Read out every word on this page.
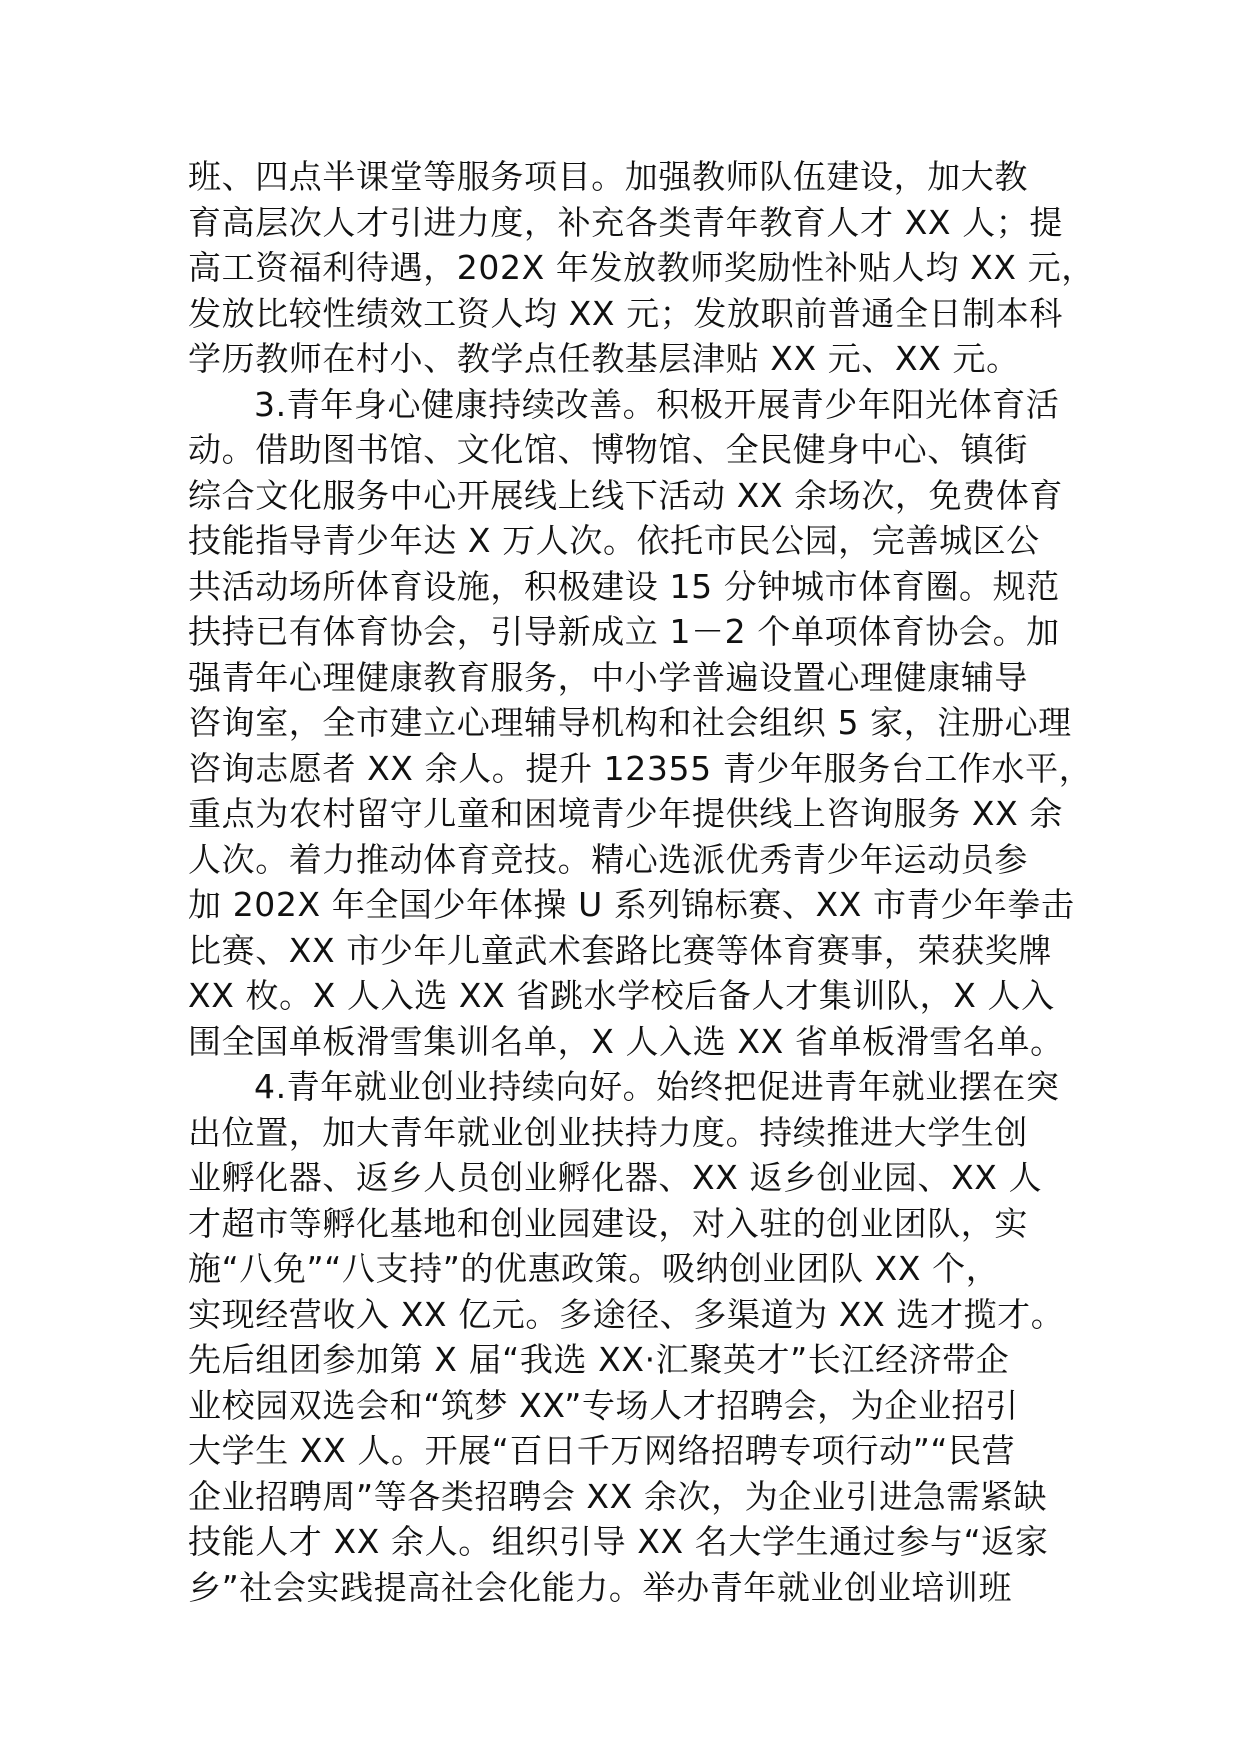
班、四点半课堂等服务项目。加强教师队伍建设，加大教
育高层次人才引进力度，补充各类青年教育人才 XX 人；提
高工资福利待遇，202X 年发放教师奖励性补贴人均 XX 元，
发放比较性绩效工资人均 XX 元；发放职前普通全日制本科
学历教师在村小、教学点任教基层津贴 XX 元、XX 元。
3.青年身心健康持续改善。积极开展青少年阳光体育活
动。借助图书馆、文化馆、博物馆、全民健身中心、镇街
综合文化服务中心开展线上线下活动 XX 余场次，免费体育
技能指导青少年达 X 万人次。依托市民公园，完善城区公
共活动场所体育设施，积极建设 15 分钟城市体育圈。规范
扶持已有体育协会，引导新成立 1－2 个单项体育协会。加
强青年心理健康教育服务，中小学普遍设置心理健康辅导
咨询室，全市建立心理辅导机构和社会组织 5 家，注册心理
咨询志愿者 XX 余人。提升 12355 青少年服务台工作水平，
重点为农村留守儿童和困境青少年提供线上咨询服务 XX 余
人次。着力推动体育竞技。精心选派优秀青少年运动员参
加 202X 年全国少年体操 U 系列锦标赛、XX 市青少年拳击
比赛、XX 市少年儿童武术套路比赛等体育赛事，荣获奖牌
XX 枚。X 人入选 XX 省跳水学校后备人才集训队，X 人入
围全国单板滑雪集训名单，X 人入选 XX 省单板滑雪名单。
4.青年就业创业持续向好。始终把促进青年就业摆在突
出位置，加大青年就业创业扶持力度。持续推进大学生创
业孵化器、返乡人员创业孵化器、XX 返乡创业园、XX 人
才超市等孵化基地和创业园建设，对入驻的创业团队，实
施“八免”“八支持”的优惠政策。吸纳创业团队 XX 个，
实现经营收入 XX 亿元。多途径、多渠道为 XX 选才揽才。
先后组团参加第 X 届“我选 XX·汇聚英才”长江经济带企
业校园双选会和“筑梦 XX”专场人才招聘会，为企业招引
大学生 XX 人。开展“百日千万网络招聘专项行动”“民营
企业招聘周”等各类招聘会 XX 余次，为企业引进急需紧缺
技能人才 XX 余人。组织引导 XX 名大学生通过参与“返家
乡”社会实践提高社会化能力。举办青年就业创业培训班
